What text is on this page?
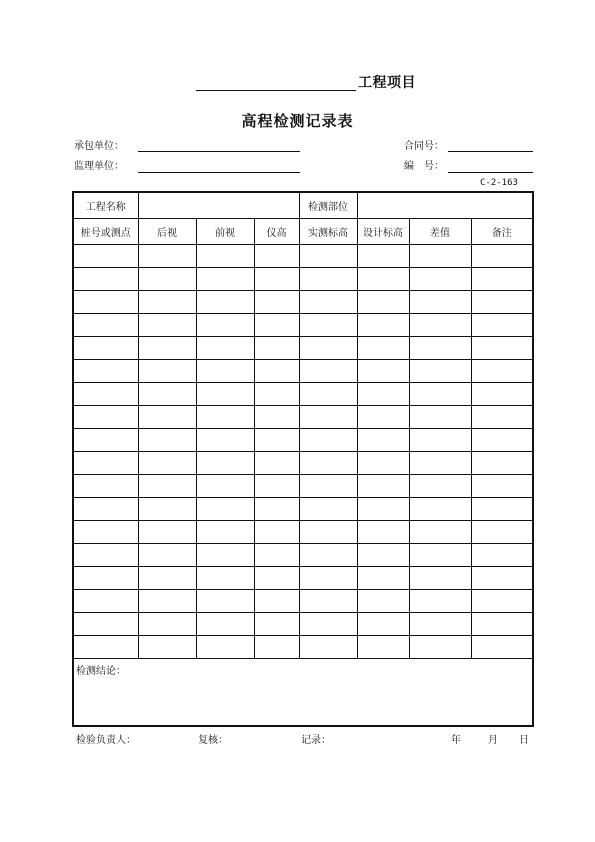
工程项目
高程检测记录表
承包单位：	合同号：
监理单位：	编　号：
C-2-163
工程名称				检测部位			
桩号或测点	后视	前视	仪高	实测标高	设计标高	差值	备注

检测结论：							
检验负责人：	复核：	记录：	年	月 日
